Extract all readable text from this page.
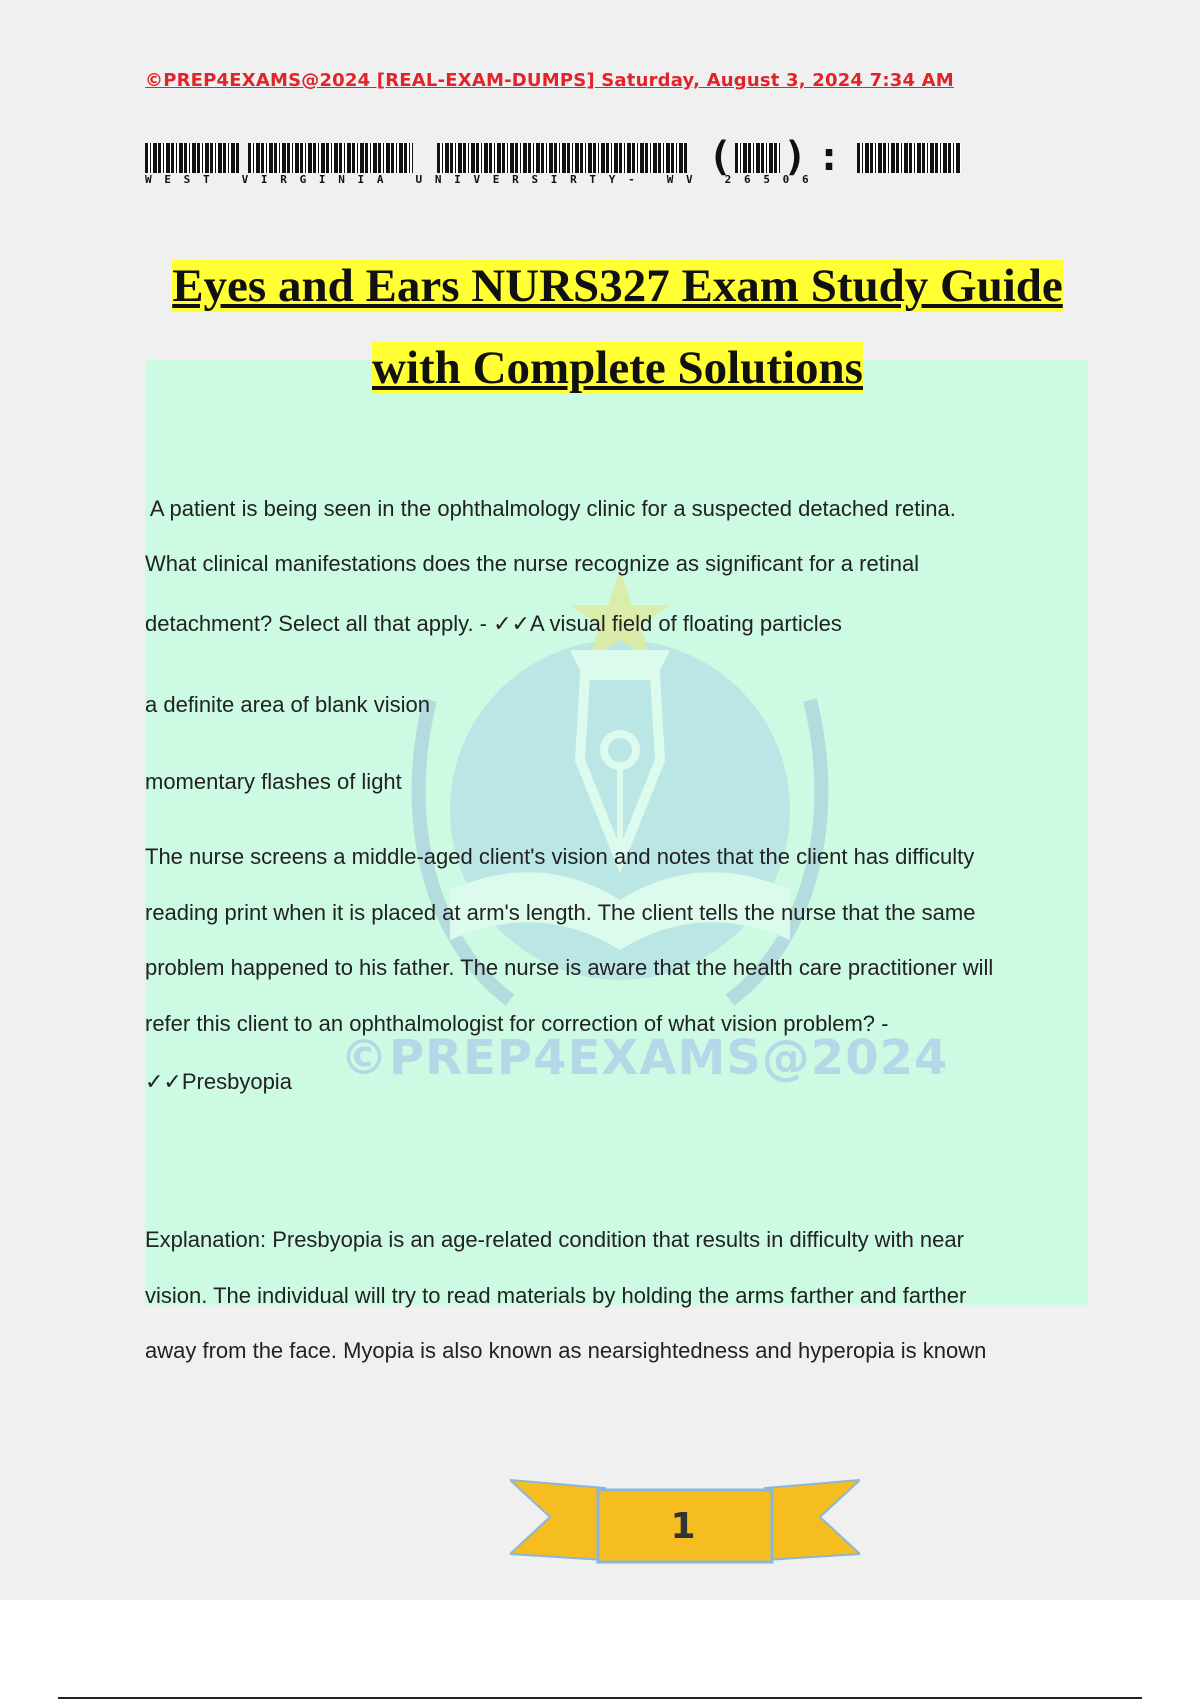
©PREP4EXAMS@2024 [REAL-EXAM-DUMPS] Saturday, August 3, 2024 7:34 AM
( ) :
WEST VIRGINIA UNIVERSIRTY- WV 26506
©PREP4EXAMS@2024
Eyes and Ears NURS327 Exam Study Guide
with Complete Solutions
A patient is being seen in the ophthalmology clinic for a suspected detached retina.
What clinical manifestations does the nurse recognize as significant for a retinal
detachment? Select all that apply. - ✓✓A visual field of floating particles
a definite area of blank vision
momentary flashes of light
The nurse screens a middle-aged client's vision and notes that the client has difficulty
reading print when it is placed at arm's length. The client tells the nurse that the same
problem happened to his father. The nurse is aware that the health care practitioner will
refer this client to an ophthalmologist for correction of what vision problem? -
✓✓Presbyopia
Explanation: Presbyopia is an age-related condition that results in difficulty with near
vision. The individual will try to read materials by holding the arms farther and farther
away from the face. Myopia is also known as nearsightedness and hyperopia is known
1
